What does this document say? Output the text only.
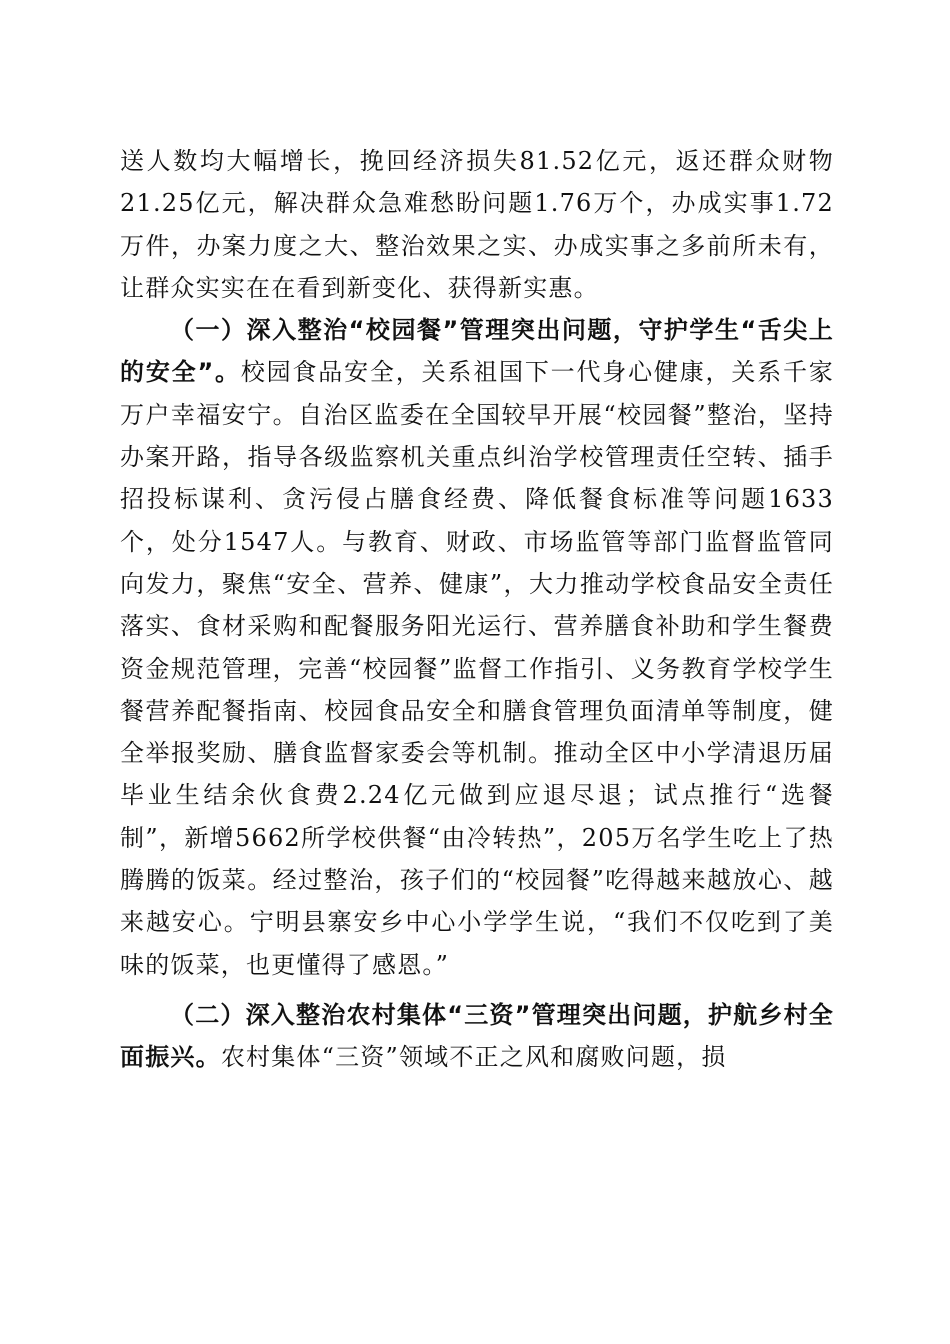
送人数均大幅增长，挽回经济损失81.52亿元，返还群众财物21.25亿元，解决群众急难愁盼问题1.76万个，办成实事1.72万件，办案力度之大、整治效果之实、办成实事之多前所未有，让群众实实在在看到新变化、获得新实惠。

（一）深入整治“校园餐”管理突出问题，守护学生“舌尖上的安全”。校园食品安全，关系祖国下一代身心健康，关系千家万户幸福安宁。自治区监委在全国较早开展“校园餐”整治，坚持办案开路，指导各级监察机关重点纠治学校管理责任空转、插手招投标谋利、贪污侵占膳食经费、降低餐食标准等问题1633个，处分1547人。与教育、财政、市场监管等部门监督监管同向发力，聚焦“安全、营养、健康”，大力推动学校食品安全责任落实、食材采购和配餐服务阳光运行、营养膳食补助和学生餐费资金规范管理，完善“校园餐”监督工作指引、义务教育学校学生餐营养配餐指南、校园食品安全和膳食管理负面清单等制度，健全举报奖励、膳食监督家委会等机制。推动全区中小学清退历届毕业生结余伙食费2.24亿元做到应退尽退；试点推行“选餐制”，新增5662所学校供餐“由冷转热”，205万名学生吃上了热腾腾的饭菜。经过整治，孩子们的“校园餐”吃得越来越放心、越来越安心。宁明县寨安乡中心小学学生说，“我们不仅吃到了美味的饭菜，也更懂得了感恩。”

（二）深入整治农村集体“三资”管理突出问题，护航乡村全面振兴。农村集体“三资”领域不正之风和腐败问题，损
